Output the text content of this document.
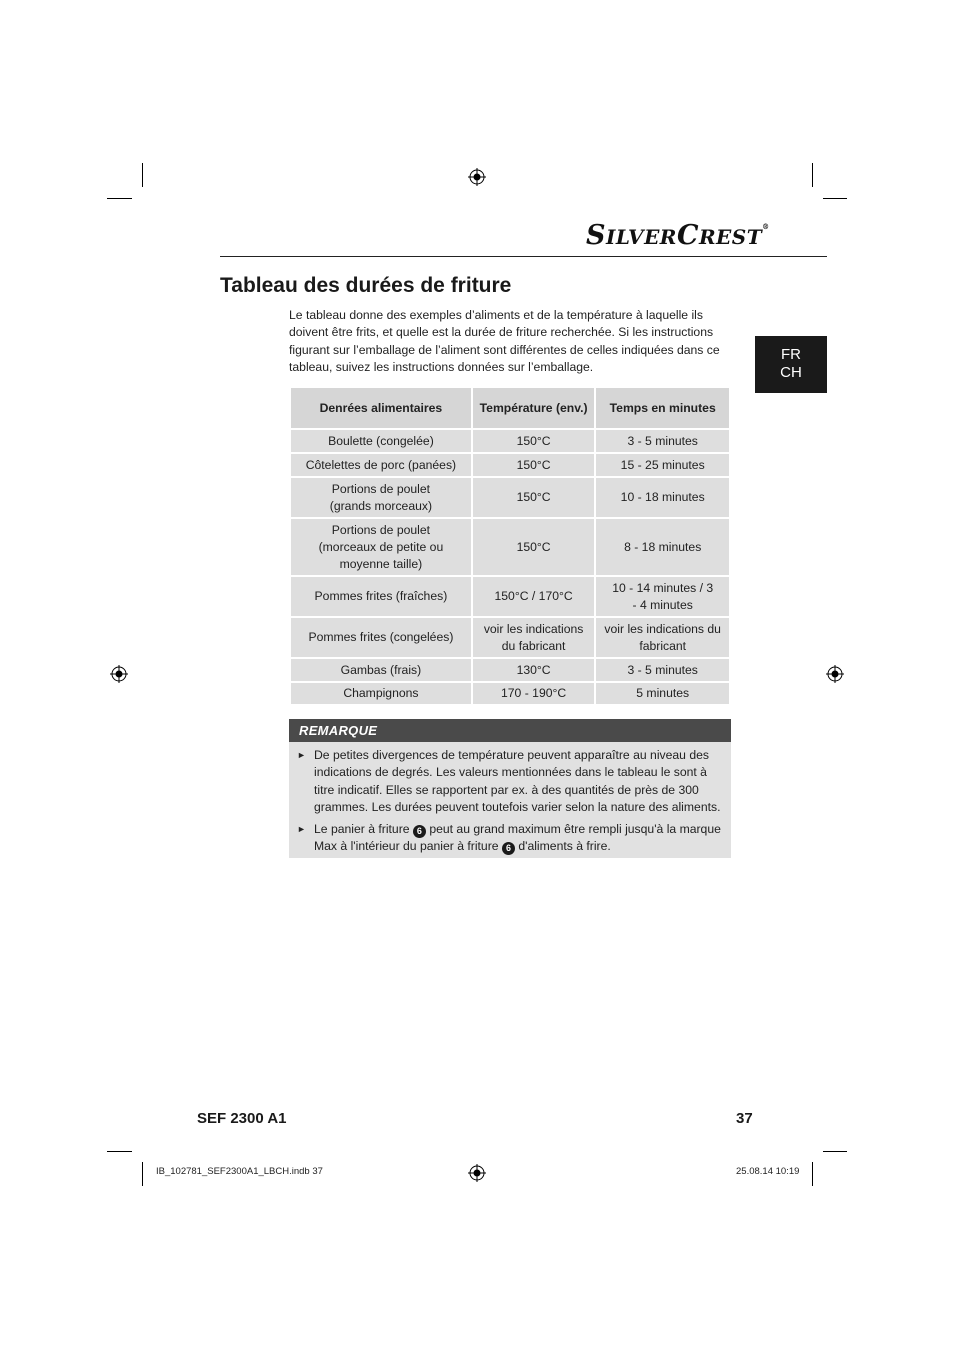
SILVERCREST®
FR
CH
Tableau des durées de friture
Le tableau donne des exemples d’aliments et de la température à laquelle ils doivent être frits, et quelle est la durée de friture recherchée. Si les instructions figurant sur l’emballage de l’aliment sont différentes de celles indiquées dans ce tableau, suivez les instructions données sur l’emballage.
Denrées alimentaires	Température (env.)	Temps en minutes
Boulette (congelée)	150°C	3 - 5 minutes
Côtelettes de porc (panées)	150°C	15 - 25 minutes
Portions de poulet (grands morceaux)	150°C	10 - 18 minutes
Portions de poulet (morceaux de petite ou moyenne taille)	150°C	8 - 18 minutes
Pommes frites (fraîches)	150°C / 170°C	10 - 14 minutes / 3 - 4 minutes
Pommes frites (congelées)	voir les indications du fabricant	voir les indications du fabricant
Gambas (frais)	130°C	3 - 5 minutes
Champignons	170 - 190°C	5 minutes
REMARQUE
► De petites divergences de température peuvent apparaître au niveau des indications de degrés. Les valeurs mentionnées dans le tableau le sont à titre indicatif. Elles se rapportent par ex. à des quantités de près de 300 grammes. Les durées peuvent toutefois varier selon la nature des aliments.
► Le panier à friture 6 peut au grand maximum être rempli jusqu'à la marque Max à l'intérieur du panier à friture 6 d'aliments à frire.
SEF 2300 A1	37
IB_102781_SEF2300A1_LBCH.indb 37	25.08.14 10:19
